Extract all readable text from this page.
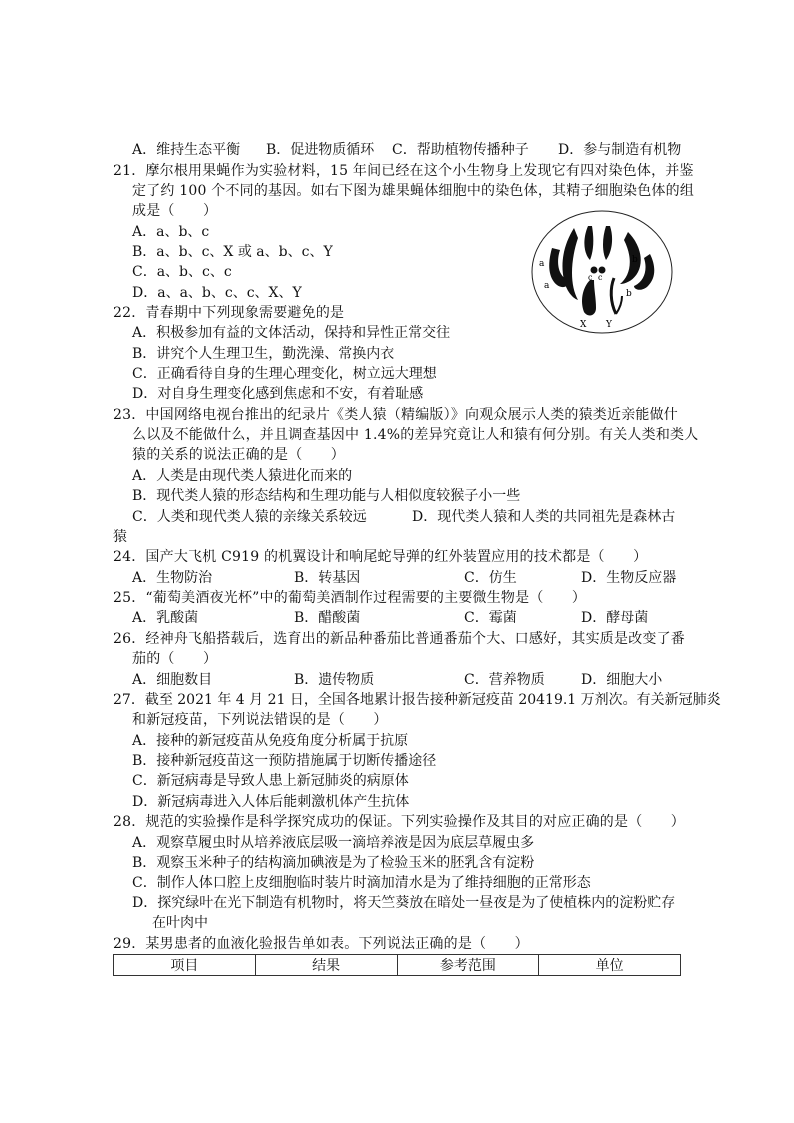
A．维持生态平衡 B．促进物质循环 C．帮助植物传播种子 D．参与制造有机物
21．摩尔根用果蝇作为实验材料，15 年间已经在这个小生物身上发现它有四对染色体，并鉴
定了约 100 个不同的基因。如右下图为雄果蝇体细胞中的染色体，其精子细胞染色体的组
成是（　　）
A．a、b、c
B．a、b、c、X 或 a、b、c、Y
C．a、b、c、c
D．a、a、b、c、c、X、Y
a
a
b
b
c c
X Y
22．青春期中下列现象需要避免的是
A．积极参加有益的文体活动，保持和异性正常交往
B．讲究个人生理卫生，勤洗澡、常换内衣
C．正确看待自身的生理心理变化，树立远大理想
D．对自身生理变化感到焦虑和不安，有着耻感
23．中国网络电视台推出的纪录片《类人猿（精编版）》向观众展示人类的猿类近亲能做什
么以及不能做什么，并且调查基因中 1.4%的差异究竟让人和猿有何分别。有关人类和类人
猿的关系的说法正确的是（　　）
A．人类是由现代类人猿进化而来的
B．现代类人猿的形态结构和生理功能与人相似度较猴子小一些
C．人类和现代类人猿的亲缘关系较远	D．现代类人猿和人类的共同祖先是森林古
猿
24．国产大飞机 C919 的机翼设计和响尾蛇导弹的红外装置应用的技术都是（　　）
A．生物防治	B．转基因	C．仿生	D．生物反应器
25．“葡萄美酒夜光杯”中的葡萄美酒制作过程需要的主要微生物是（　　）
A．乳酸菌	B．醋酸菌	C．霉菌	D．酵母菌
26．经神舟飞船搭载后，选育出的新品种番茄比普通番茄个大、口感好，其实质是改变了番
茄的（　　）
A．细胞数目	B．遗传物质	C．营养物质	D．细胞大小
27．截至 2021 年 4 月 21 日，全国各地累计报告接种新冠疫苗 20419.1 万剂次。有关新冠肺炎
和新冠疫苗，下列说法错误的是（　　）
A．接种的新冠疫苗从免疫角度分析属于抗原
B．接种新冠疫苗这一预防措施属于切断传播途径
C．新冠病毒是导致人患上新冠肺炎的病原体
D．新冠病毒进入人体后能刺激机体产生抗体
28．规范的实验操作是科学探究成功的保证。下列实验操作及其目的对应正确的是（　　）
A．观察草履虫时从培养液底层吸一滴培养液是因为底层草履虫多
B．观察玉米种子的结构滴加碘液是为了检验玉米的胚乳含有淀粉
C．制作人体口腔上皮细胞临时装片时滴加清水是为了维持细胞的正常形态
D．探究绿叶在光下制造有机物时，将天竺葵放在暗处一昼夜是为了使植株内的淀粉贮存
在叶肉中
29．某男患者的血液化验报告单如表。下列说法正确的是（　　）
项目	结果	参考范围	单位
